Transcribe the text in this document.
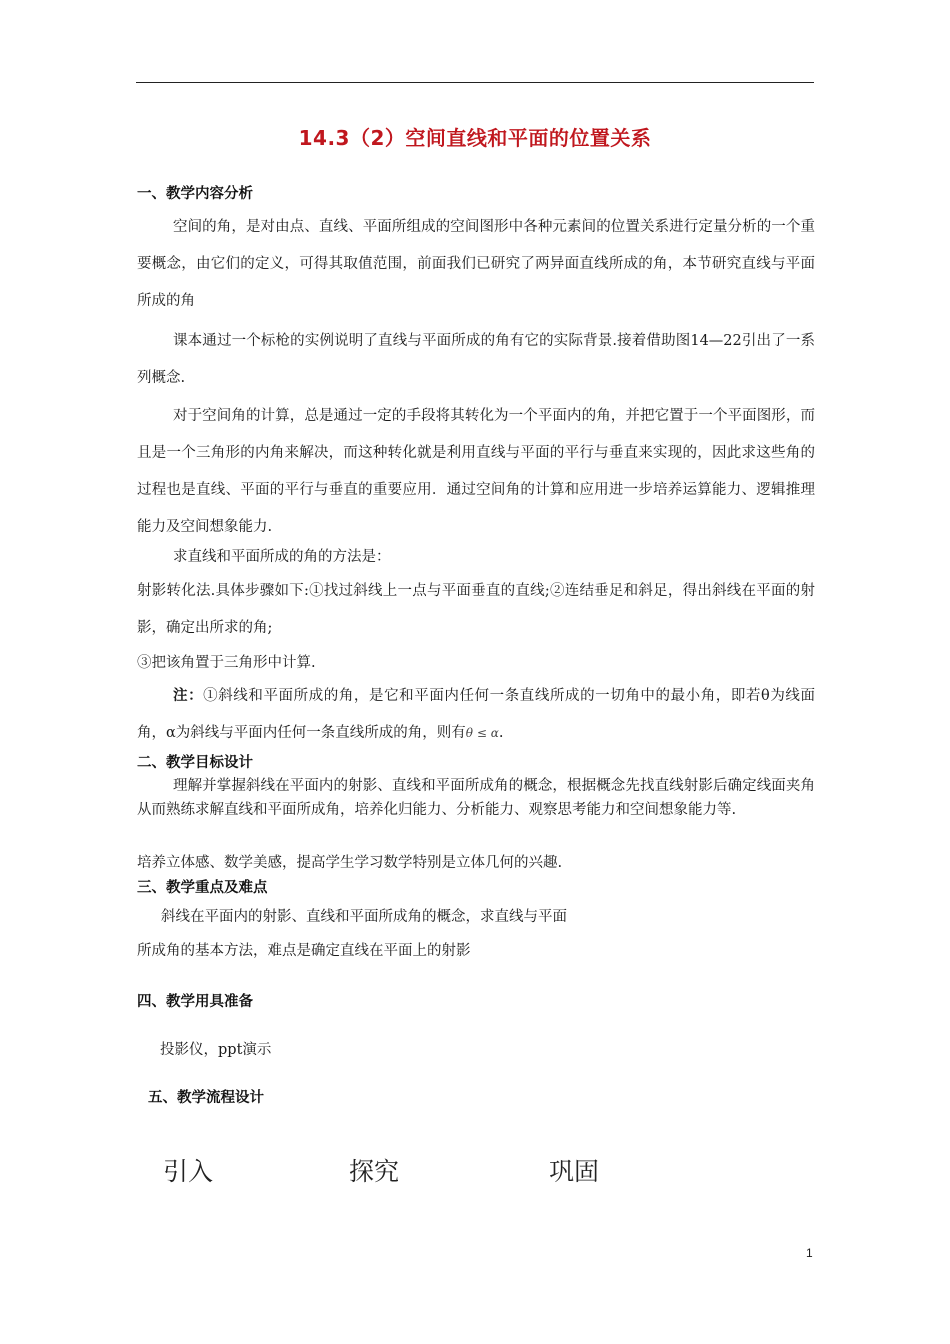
14.3（2）空间直线和平面的位置关系
一、教学内容分析
空间的角，是对由点、直线、平面所组成的空间图形中各种元素间的位置关系进行定量分析的一个重要概念，由它们的定义，可得其取值范围，前面我们已研究了两异面直线所成的角，本节研究直线与平面所成的角
课本通过一个标枪的实例说明了直线与平面所成的角有它的实际背景.接着借助图14—22引出了一系列概念.
对于空间角的计算，总是通过一定的手段将其转化为一个平面内的角，并把它置于一个平面图形，而且是一个三角形的内角来解决，而这种转化就是利用直线与平面的平行与垂直来实现的，因此求这些角的过程也是直线、平面的平行与垂直的重要应用．通过空间角的计算和应用进一步培养运算能力、逻辑推理能力及空间想象能力.
求直线和平面所成的角的方法是：
射影转化法.具体步骤如下:①找过斜线上一点与平面垂直的直线;②连结垂足和斜足，得出斜线在平面的射影，确定出所求的角;
③把该角置于三角形中计算.
注：①斜线和平面所成的角，是它和平面内任何一条直线所成的一切角中的最小角，即若θ为线面角，α为斜线与平面内任何一条直线所成的角，则有θ ≤ α.
二、教学目标设计
理解并掌握斜线在平面内的射影、直线和平面所成角的概念，根据概念先找直线射影后确定线面夹角从而熟练求解直线和平面所成角，培养化归能力、分析能力、观察思考能力和空间想象能力等.
培养立体感、数学美感，提高学生学习数学特别是立体几何的兴趣.
三、教学重点及难点
斜线在平面内的射影、直线和平面所成角的概念，求直线与平面
所成角的基本方法，难点是确定直线在平面上的射影
四、教学用具准备
投影仪，ppt演示
五、教学流程设计
引入	探究	巩固
1
